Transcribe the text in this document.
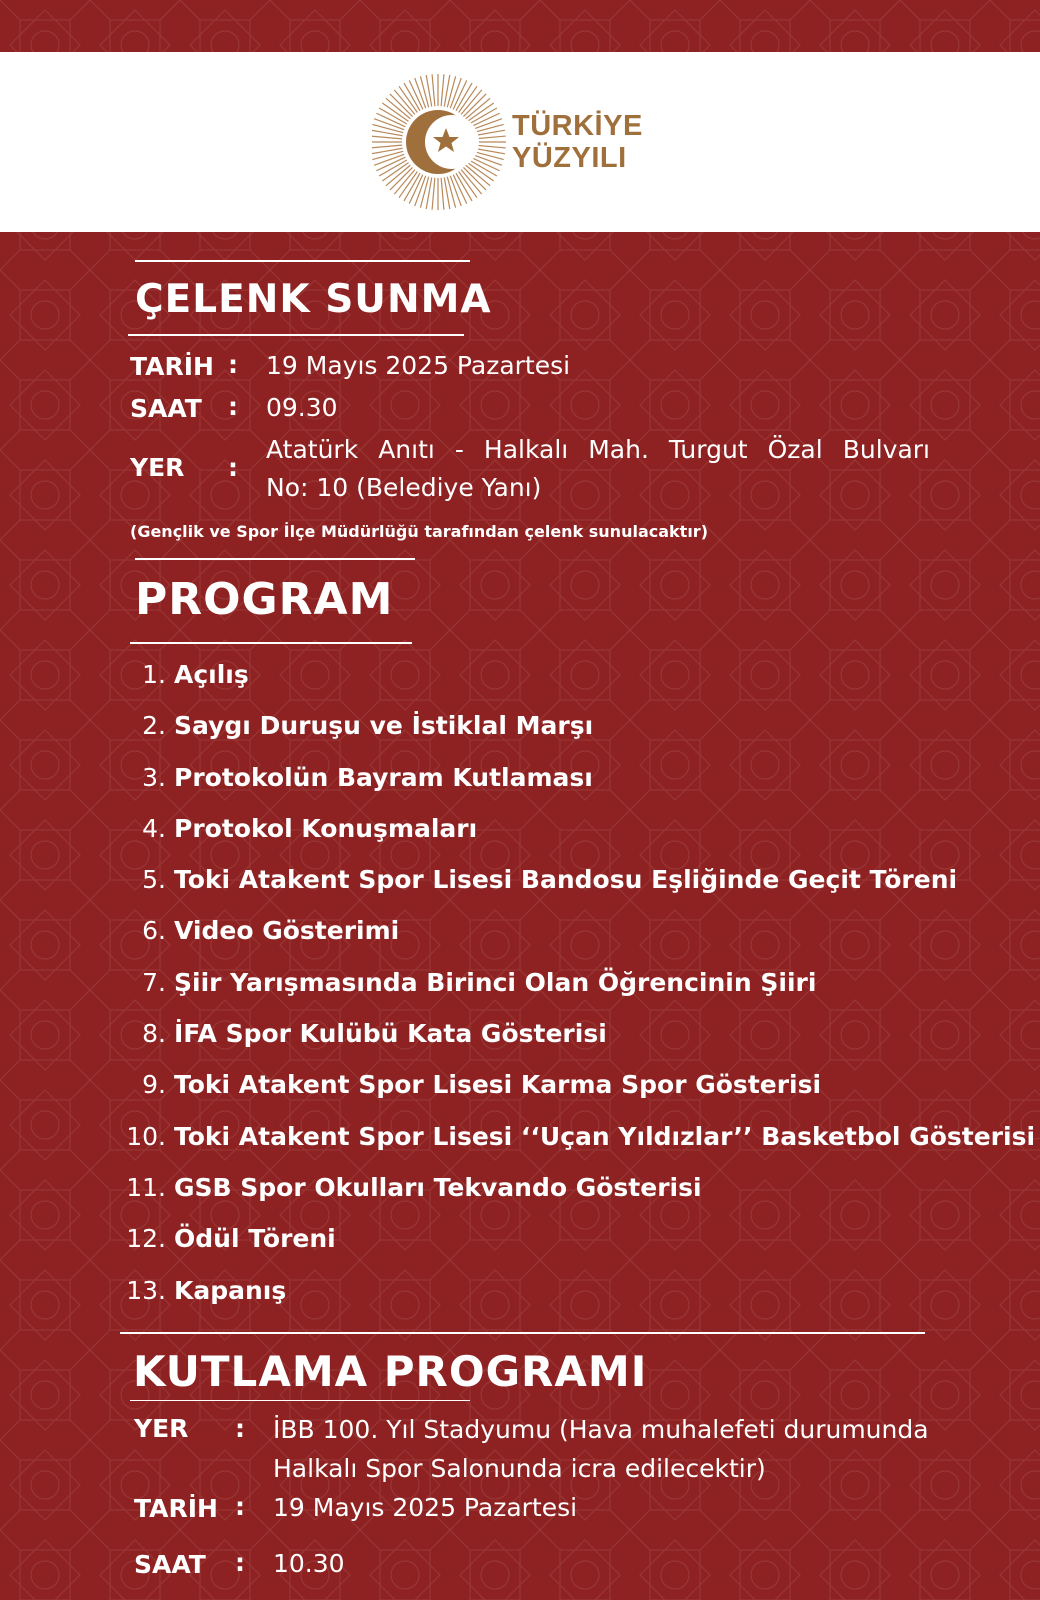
TÜRKİYE
YÜZYILI
ÇELENK SUNMA
TARİH : 19 Mayıs 2025 Pazartesi
SAAT : 09.30
YER :
Atatürk Anıtı - Halkalı Mah. Turgut Özal Bulvarı
No: 10 (Belediye Yanı)
(Gençlik ve Spor İlçe Müdürlüğü tarafından çelenk sunulacaktır)
PROGRAM
1. Açılış
2. Saygı Duruşu ve İstiklal Marşı
3. Protokolün Bayram Kutlaması
4. Protokol Konuşmaları
5. Toki Atakent Spor Lisesi Bandosu Eşliğinde Geçit Töreni
6. Video Gösterimi
7. Şiir Yarışmasında Birinci Olan Öğrencinin Şiiri
8. İFA Spor Kulübü Kata Gösterisi
9. Toki Atakent Spor Lisesi Karma Spor Gösterisi
10. Toki Atakent Spor Lisesi ‘‘Uçan Yıldızlar’’ Basketbol Gösterisi
11. GSB Spor Okulları Tekvando Gösterisi
12. Ödül Töreni
13. Kapanış
KUTLAMA PROGRAMI
YER : İBB 100. Yıl Stadyumu (Hava muhalefeti durumunda
Halkalı Spor Salonunda icra edilecektir)
TARİH : 19 Mayıs 2025 Pazartesi
SAAT : 10.30
